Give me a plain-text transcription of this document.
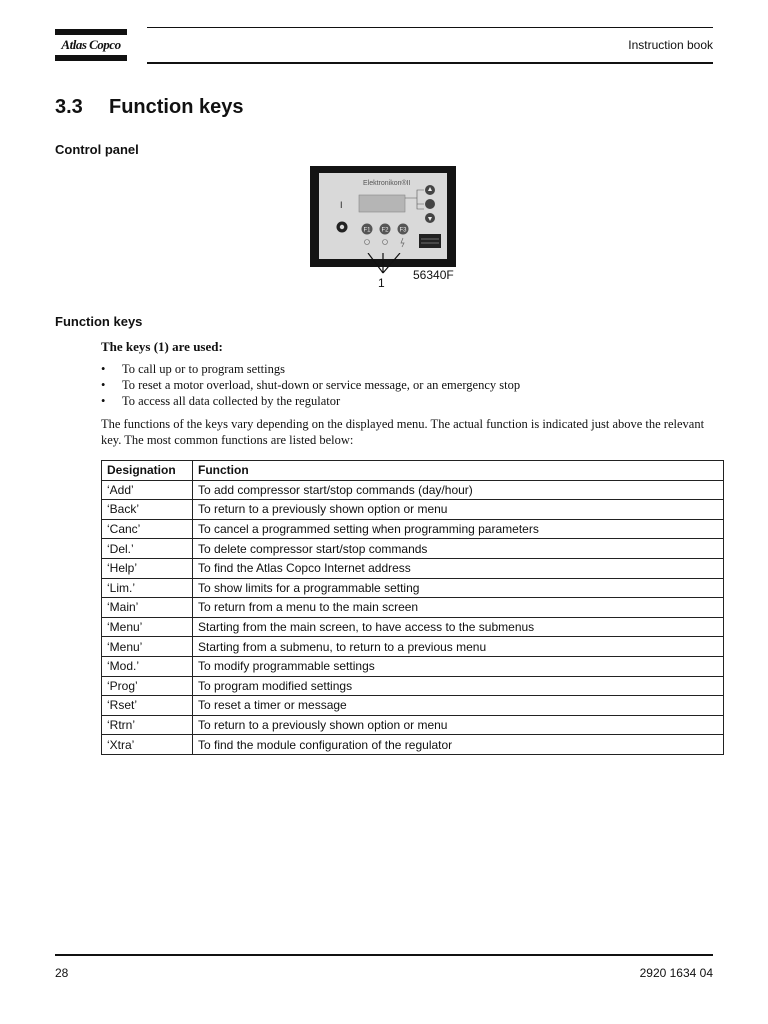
Atlas Copco	Instruction book
3.3 Function keys
Control panel
Elektronikon®II
I
F1 F2 F3
1
56340F
Function keys
The keys (1) are used:
• To call up or to program settings
• To reset a motor overload, shut-down or service message, or an emergency stop
• To access all data collected by the regulator

The functions of the keys vary depending on the displayed menu. The actual function is indicated just above the relevant key. The most common functions are listed below:

Designation	Function
‘Add’	To add compressor start/stop commands (day/hour)
‘Back’	To return to a previously shown option or menu
‘Canc’	To cancel a programmed setting when programming parameters
‘Del.’	To delete compressor start/stop commands
‘Help’	To find the Atlas Copco Internet address
‘Lim.’	To show limits for a programmable setting
‘Main’	To return from a menu to the main screen
‘Menu’	Starting from the main screen, to have access to the submenus
‘Menu’	Starting from a submenu, to return to a previous menu
‘Mod.’	To modify programmable settings
‘Prog’	To program modified settings
‘Rset’	To reset a timer or message
‘Rtrn’	To return to a previously shown option or menu
‘Xtra’	To find the module configuration of the regulator
28	2920 1634 04
